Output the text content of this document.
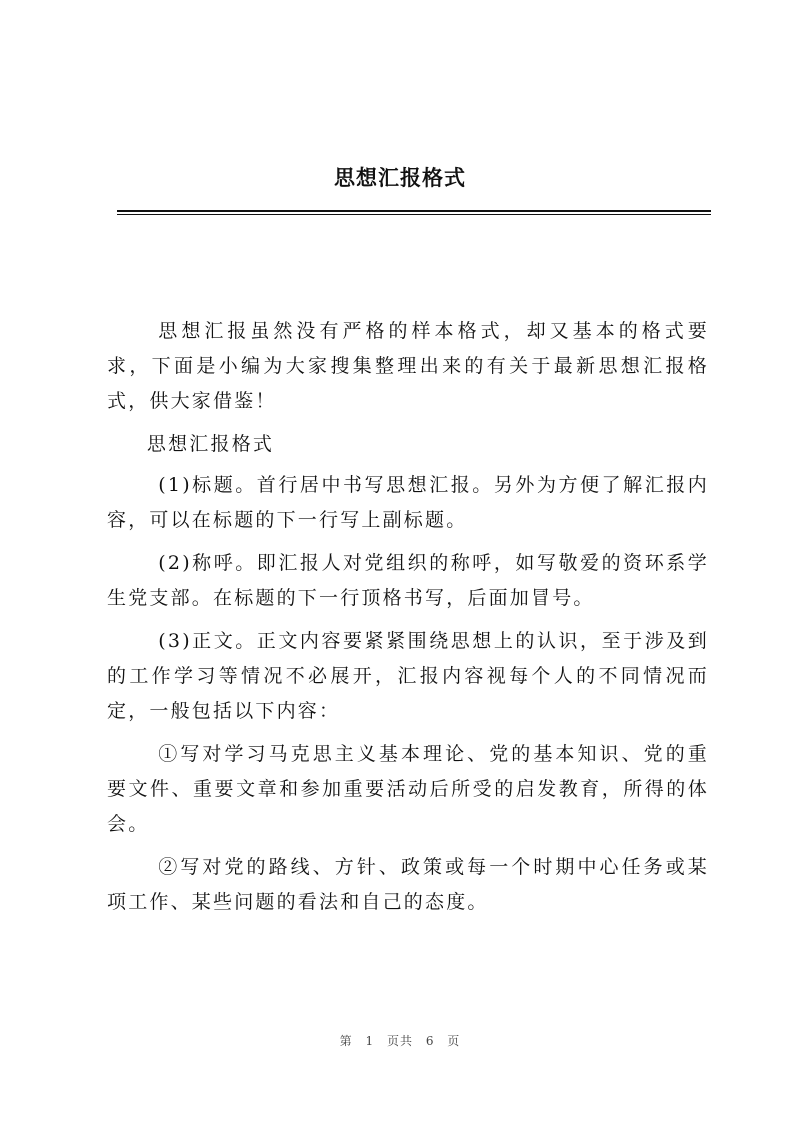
思想汇报格式

思想汇报虽然没有严格的样本格式，却又基本的格式要求，下面是小编为大家搜集整理出来的有关于最新思想汇报格式，供大家借鉴！

思想汇报格式

(1)标题。首行居中书写思想汇报。另外为方便了解汇报内容，可以在标题的下一行写上副标题。

(2)称呼。即汇报人对党组织的称呼，如写敬爱的资环系学生党支部。在标题的下一行顶格书写，后面加冒号。

(3)正文。正文内容要紧紧围绕思想上的认识，至于涉及到的工作学习等情况不必展开，汇报内容视每个人的不同情况而定，一般包括以下内容：

①写对学习马克思主义基本理论、党的基本知识、党的重要文件、重要文章和参加重要活动后所受的启发教育，所得的体会。

②写对党的路线、方针、政策或每一个时期中心任务或某项工作、某些问题的看法和自己的态度。

第 1 页共 6 页
